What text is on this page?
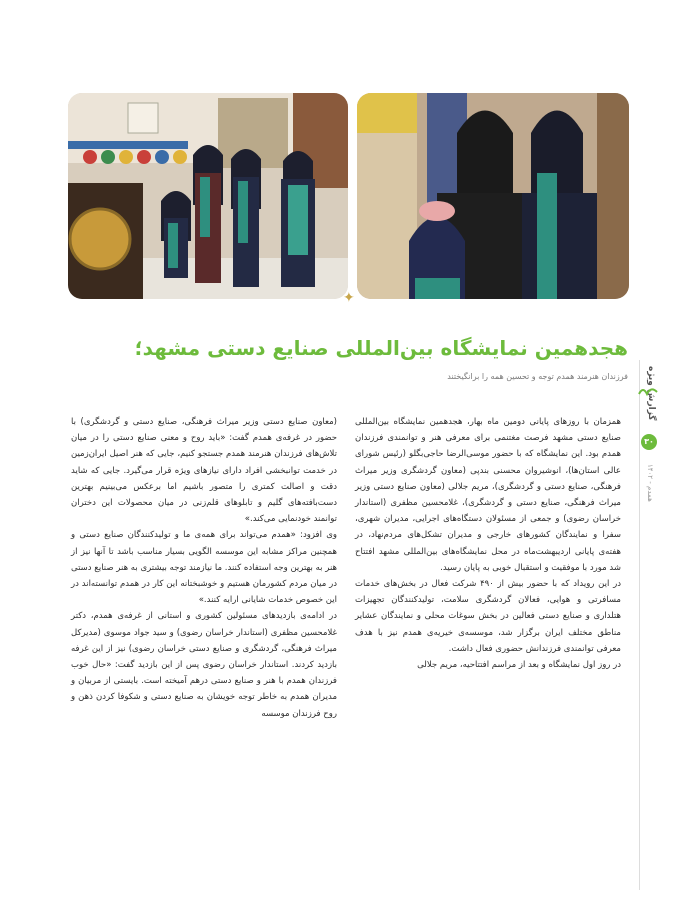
✦
هجدهمین نمایشگاه بین‌المللی صنایع دستی مشهد؛
فرزندان هنرمند همدم توجه و تحسین همه را برانگیختند

همزمان با روزهای پایانی دومین ماه بهار، هجدهمین نمایشگاه بین‌المللی صنایع دستی مشهد فرصت مغتنمی برای معرفی هنر و توانمندی فرزندان همدم بود. این نمایشگاه که با حضور موسی‌الرضا حاجی‌بگلو (رئیس شورای عالی استان‌ها)، انوشیروان محسنی بندپی (معاون گردشگری وزیر میراث فرهنگی، صنایع دستی و گردشگری)، مریم جلالی (معاون صنایع دستی وزیر میراث فرهنگی، صنایع دستی و گردشگری)، غلامحسین مظفری (استاندار خراسان رضوی) و جمعی از مسئولان دستگاه‌های اجرایی، مدیران شهری، سفرا و نمایندگان کشورهای خارجی و مدیران تشکل‌های مردم‌نهاد، در هفته‌ی پایانی اردیبهشت‌ماه در محل نمایشگاه‌های بین‌المللی مشهد افتتاح شد مورد با موفقیت و استقبال خوبی به پایان رسید.

در این رویداد که با حضور بیش از ۴۹۰ شرکت فعال در بخش‌های خدمات مسافرتی و هوایی، فعالان گردشگری سلامت، تولیدکنندگان تجهیزات هتلداری و صنایع دستی فعالین در بخش سوغات محلی و نمایندگان عشایر مناطق مختلف ایران برگزار شد، موسسه‌ی خیریه‌ی همدم نیز با هدف معرفی توانمندی فرزندانش حضوری فعال داشت.

در روز اول نمایشگاه و بعد از مراسم افتتاحیه، مریم جلالی

(معاون صنایع دستی وزیر میراث فرهنگی، صنایع دستی و گردشگری) با حضور در غرفه‌ی همدم گفت: «باید روح و معنی صنایع دستی را در میان تلاش‌های فرزندان هنرمند همدم جستجو کنیم، جایی که هنر اصیل ایران‌زمین در خدمت توانبخشی افراد دارای نیازهای ویژه قرار می‌گیرد. جایی که شاید دقت و اصالت کمتری را متصور باشیم اما برعکس می‌بینیم بهترین دست‌بافته‌های گلیم و تابلوهای قلم‌زنی در میان محصولات این دختران توانمند خودنمایی می‌کند.»

وی افزود: «همدم می‌تواند برای همه‌ی ما و تولیدکنندگان صنایع دستی و همچنین مراکز مشابه این موسسه الگویی بسیار مناسب باشد تا آنها نیز از هنر به بهترین وجه استفاده کنند. ما نیازمند توجه بیشتری به هنر صنایع دستی در میان مردم کشورمان هستیم و خوشبختانه این کار در همدم توانسته‌اند در این خصوص خدمات شایانی ارایه کنند.»

در ادامه‌ی بازدیدهای مسئولین کشوری و استانی از غرفه‌ی همدم، دکتر غلامحسین مظفری (استاندار خراسان رضوی) و سید جواد موسوی (مدیرکل میراث فرهنگی، گردشگری و صنایع دستی خراسان رضوی) نیز از این غرفه بازدید کردند. استاندار خراسان رضوی پس از این بازدید گفت: «حال خوب فرزندان همدم با هنر و صنایع دستی درهم آمیخته است. بایستی از مربیان و مدیران همدم به خاطر توجه خویشان به صنایع دستی و شکوفا کردن ذهن و روح فرزندان موسسه

گزارش ویژه
۳۰
همدم - ۱۴۰۲
